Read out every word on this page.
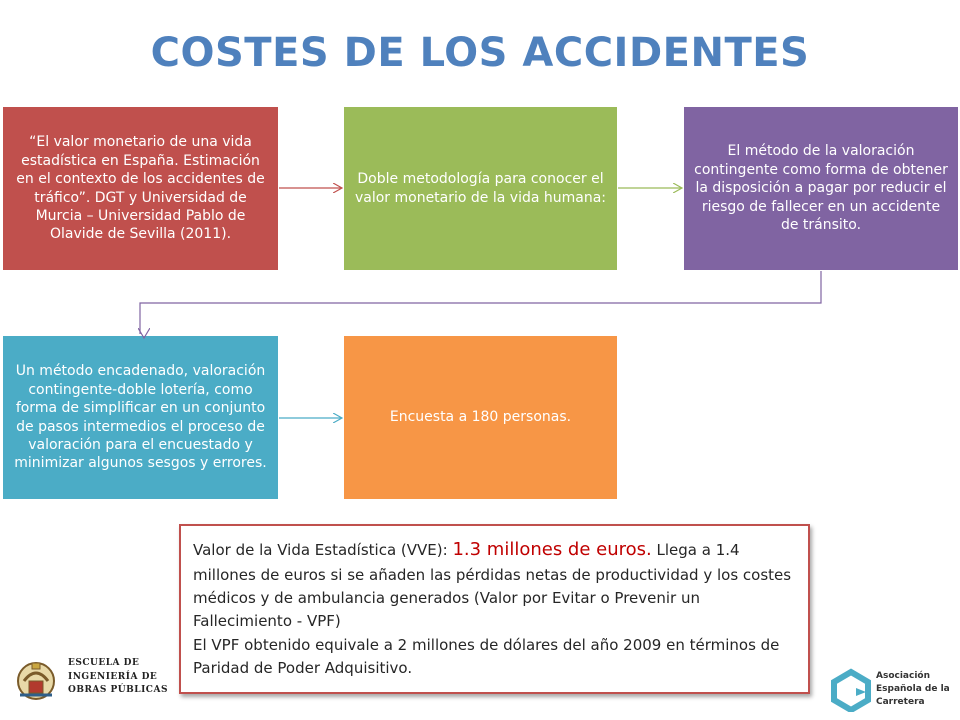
COSTES DE LOS ACCIDENTES
“El valor monetario de una vida estadística en España. Estimación en el contexto de los accidentes de tráfico”. DGT y Universidad de Murcia – Universidad Pablo de Olavide de Sevilla (2011).
Doble metodología para conocer el valor monetario de la vida humana:
El método de la valoración contingente como forma de obtener la disposición a pagar por reducir el riesgo de fallecer en un accidente de tránsito.
Un método encadenado, valoración contingente-doble lotería, como forma de simplificar en un conjunto de pasos intermedios el proceso de valoración para el encuestado y minimizar algunos sesgos y errores.
Encuesta a 180 personas.

Valor de la Vida Estadística (VVE): 1.3 millones de euros. Llega a 1.4 millones de euros si se añaden las pérdidas netas de productividad y los costes médicos y de ambulancia generados (Valor por Evitar o Prevenir un Fallecimiento - VPF)

El VPF obtenido equivale a 2 millones de dólares del año 2009 en términos de Paridad de Poder Adquisitivo.

ESCUELA DE
INGENIERÍA DE
OBRAS PÚBLICAS
Asociación
Española de la
Carretera
